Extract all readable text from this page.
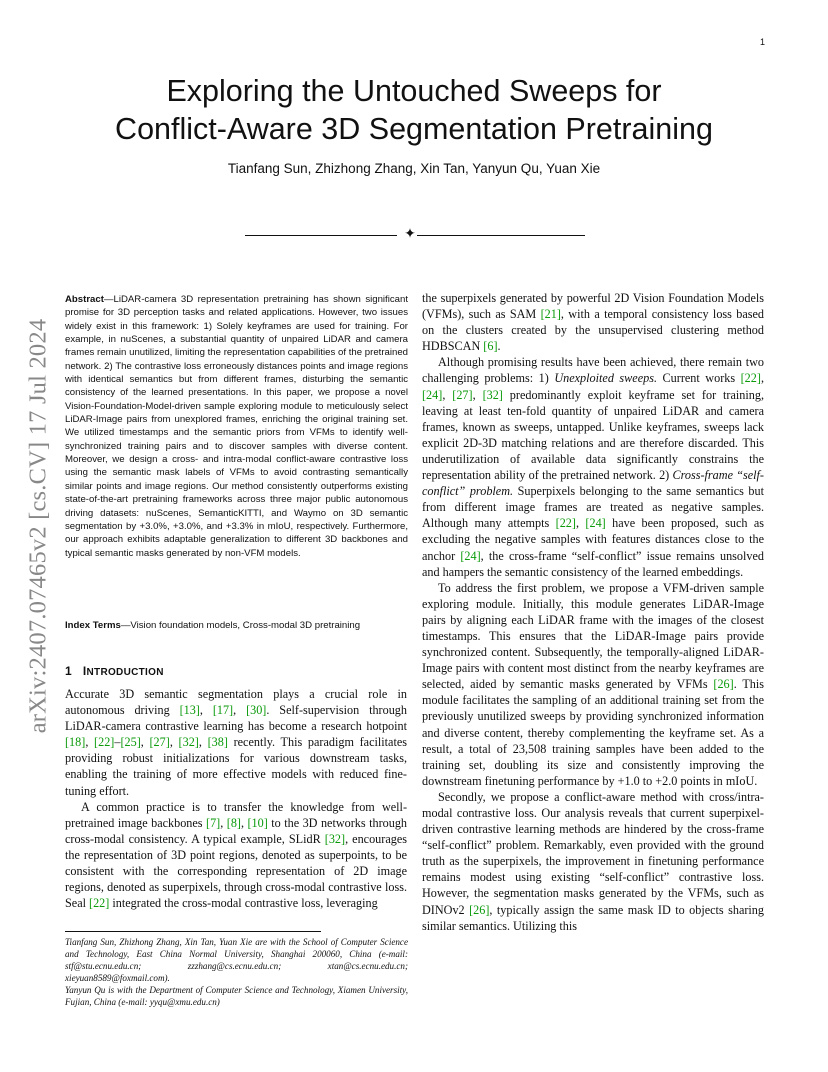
1
arXiv:2407.07465v2 [cs.CV] 17 Jul 2024
Exploring the Untouched Sweeps for
Conflict-Aware 3D Segmentation Pretraining
Tianfang Sun, Zhizhong Zhang, Xin Tan, Yanyun Qu, Yuan Xie
✦
Abstract—LiDAR-camera 3D representation pretraining has shown significant promise for 3D perception tasks and related applications. However, two issues widely exist in this framework: 1) Solely keyframes are used for training. For example, in nuScenes, a substantial quantity of unpaired LiDAR and camera frames remain unutilized, limiting the representation capabilities of the pretrained network. 2) The contrastive loss erroneously distances points and image regions with identical semantics but from different frames, disturbing the semantic consistency of the learned presentations. In this paper, we propose a novel Vision-Foundation-Model-driven sample exploring module to meticulously select LiDAR-Image pairs from unexplored frames, enriching the original training set. We utilized timestamps and the semantic priors from VFMs to identify well-synchronized training pairs and to discover samples with diverse content. Moreover, we design a cross- and intra-modal conflict-aware contrastive loss using the semantic mask labels of VFMs to avoid contrasting semantically similar points and image regions. Our method consistently outperforms existing state-of-the-art pretraining frameworks across three major public autonomous driving datasets: nuScenes, SemanticKITTI, and Waymo on 3D semantic segmentation by +3.0%, +3.0%, and +3.3% in mIoU, respectively. Furthermore, our approach exhibits adaptable generalization to different 3D backbones and typical semantic masks generated by non-VFM models.
Index Terms—Vision foundation models, Cross-modal 3D pretraining
1 INTRODUCTION

Accurate 3D semantic segmentation plays a crucial role in autonomous driving [13], [17], [30]. Self-supervision through LiDAR-camera contrastive learning has become a research hotpoint [18], [22]–[25], [27], [32], [38] recently. This paradigm facilitates providing robust initializations for various downstream tasks, enabling the training of more effective models with reduced fine-tuning effort.

A common practice is to transfer the knowledge from well-pretrained image backbones [7], [8], [10] to the 3D networks through cross-modal consistency. A typical example, SLidR [32], encourages the representation of 3D point regions, denoted as superpoints, to be consistent with the corresponding representation of 2D image regions, denoted as superpixels, through cross-modal contrastive loss. Seal [22] integrated the cross-modal contrastive loss, leveraging

Tianfang Sun, Zhizhong Zhang, Xin Tan, Yuan Xie are with the School of Computer Science and Technology, East China Normal University, Shanghai 200060, China (e-mail: stf@stu.ecnu.edu.cn; zzzhang@cs.ecnu.edu.cn; xtan@cs.ecnu.edu.cn; xieyuan8589@foxmail.com).

Yanyun Qu is with the Department of Computer Science and Technology, Xiamen University, Fujian, China (e-mail: yyqu@xmu.edu.cn)

the superpixels generated by powerful 2D Vision Foundation Models (VFMs), such as SAM [21], with a temporal consistency loss based on the clusters created by the unsupervised clustering method HDBSCAN [6].

Although promising results have been achieved, there remain two challenging problems: 1) Unexploited sweeps. Current works [22], [24], [27], [32] predominantly exploit keyframe set for training, leaving at least ten-fold quantity of unpaired LiDAR and camera frames, known as sweeps, untapped. Unlike keyframes, sweeps lack explicit 2D-3D matching relations and are therefore discarded. This underutilization of available data significantly constrains the representation ability of the pretrained network. 2) Cross-frame “self-conflict” problem. Superpixels belonging to the same semantics but from different image frames are treated as negative samples. Although many attempts [22], [24] have been proposed, such as excluding the negative samples with features distances close to the anchor [24], the cross-frame “self-conflict” issue remains unsolved and hampers the semantic consistency of the learned embeddings.

To address the first problem, we propose a VFM-driven sample exploring module. Initially, this module generates LiDAR-Image pairs by aligning each LiDAR frame with the images of the closest timestamps. This ensures that the LiDAR-Image pairs provide synchronized content. Subsequently, the temporally-aligned LiDAR-Image pairs with content most distinct from the nearby keyframes are selected, aided by semantic masks generated by VFMs [26]. This module facilitates the sampling of an additional training set from the previously unutilized sweeps by providing synchronized information and diverse content, thereby complementing the keyframe set. As a result, a total of 23,508 training samples have been added to the training set, doubling its size and consistently improving the downstream finetuning performance by +1.0 to +2.0 points in mIoU.

Secondly, we propose a conflict-aware method with cross/intra-modal contrastive loss. Our analysis reveals that current superpixel-driven contrastive learning methods are hindered by the cross-frame “self-conflict” problem. Remarkably, even provided with the ground truth as the superpixels, the improvement in finetuning performance remains modest using existing “self-conflict” contrastive loss. However, the segmentation masks generated by the VFMs, such as DINOv2 [26], typically assign the same mask ID to objects sharing similar semantics. Utilizing this
